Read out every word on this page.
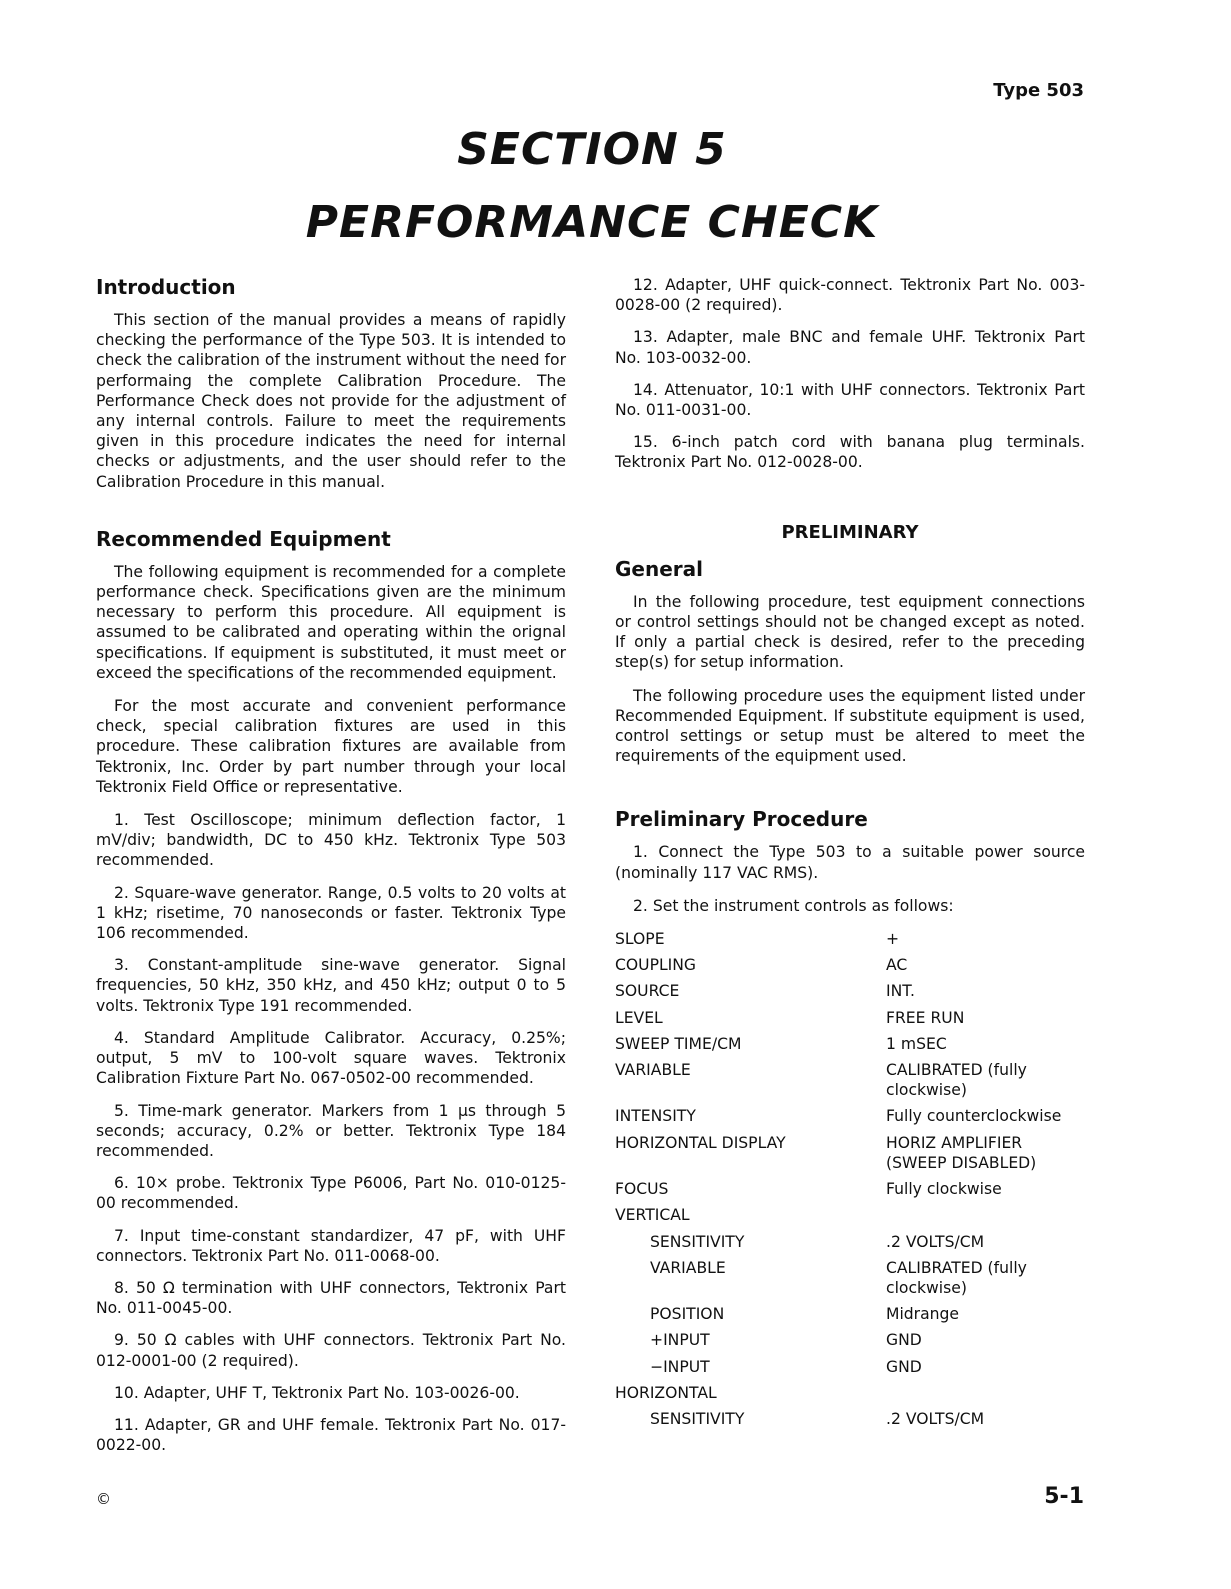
Type 503
SECTION 5
PERFORMANCE CHECK
Introduction

This section of the manual provides a means of rapidly checking the performance of the Type 503. It is intended to check the calibration of the instrument without the need for performaing the complete Calibration Procedure. The Performance Check does not provide for the adjustment of any internal controls. Failure to meet the requirements given in this procedure indicates the need for internal checks or adjustments, and the user should refer to the Calibration Procedure in this manual.

Recommended Equipment

The following equipment is recommended for a complete performance check. Specifications given are the minimum necessary to perform this procedure. All equipment is assumed to be calibrated and operating within the orignal specifications. If equipment is substituted, it must meet or exceed the specifications of the recommended equipment.

For the most accurate and convenient performance check, special calibration fixtures are used in this procedure. These calibration fixtures are available from Tektronix, Inc. Order by part number through your local Tektronix Field Office or representative.

1. Test Oscilloscope; minimum deflection factor, 1 mV/div; bandwidth, DC to 450 kHz. Tektronix Type 503 recommended.

2. Square-wave generator. Range, 0.5 volts to 20 volts at 1 kHz; risetime, 70 nanoseconds or faster. Tektronix Type 106 recommended.

3. Constant-amplitude sine-wave generator. Signal frequencies, 50 kHz, 350 kHz, and 450 kHz; output 0 to 5 volts. Tektronix Type 191 recommended.

4. Standard Amplitude Calibrator. Accuracy, 0.25%; output, 5 mV to 100-volt square waves. Tektronix Calibration Fixture Part No. 067-0502-00 recommended.

5. Time-mark generator. Markers from 1 μs through 5 seconds; accuracy, 0.2% or better. Tektronix Type 184 recommended.

6. 10× probe. Tektronix Type P6006, Part No. 010-0125-00 recommended.

7. Input time-constant standardizer, 47 pF, with UHF connectors. Tektronix Part No. 011-0068-00.

8. 50 Ω termination with UHF connectors, Tektronix Part No. 011-0045-00.

9. 50 Ω cables with UHF connectors. Tektronix Part No. 012-0001-00 (2 required).

10. Adapter, UHF T, Tektronix Part No. 103-0026-00.

11. Adapter, GR and UHF female. Tektronix Part No. 017-0022-00.

12. Adapter, UHF quick-connect. Tektronix Part No. 003-0028-00 (2 required).

13. Adapter, male BNC and female UHF. Tektronix Part No. 103-0032-00.

14. Attenuator, 10:1 with UHF connectors. Tektronix Part No. 011-0031-00.

15. 6-inch patch cord with banana plug terminals. Tektronix Part No. 012-0028-00.

PRELIMINARY
General

In the following procedure, test equipment connections or control settings should not be changed except as noted. If only a partial check is desired, refer to the preceding step(s) for setup information.

The following procedure uses the equipment listed under Recommended Equipment. If substitute equipment is used, control settings or setup must be altered to meet the requirements of the equipment used.

Preliminary Procedure

1. Connect the Type 503 to a suitable power source (nominally 117 VAC RMS).

2. Set the instrument controls as follows:

SLOPE	+
COUPLING	AC
SOURCE	INT.
LEVEL	FREE RUN
SWEEP TIME/CM	1 mSEC
VARIABLE	CALIBRATED (fully clockwise)
INTENSITY	Fully counterclockwise
HORIZONTAL DISPLAY	HORIZ AMPLIFIER (SWEEP DISABLED)
FOCUS	Fully clockwise
VERTICAL	
SENSITIVITY	.2 VOLTS/CM
VARIABLE	CALIBRATED (fully clockwise)
POSITION	Midrange
+INPUT	GND
−INPUT	GND
HORIZONTAL	
SENSITIVITY	.2 VOLTS/CM
©	5-1
